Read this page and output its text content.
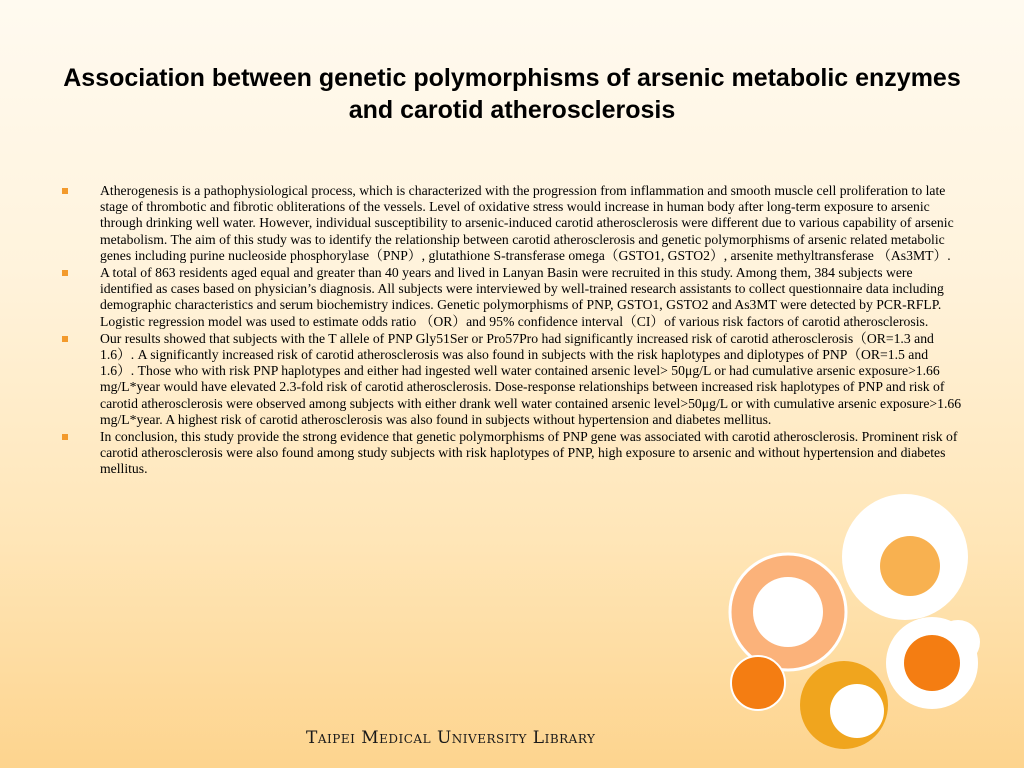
Association between genetic polymorphisms of arsenic metabolic enzymes and carotid atherosclerosis
Atherogenesis is a pathophysiological process, which is characterized with the progression from inflammation and smooth muscle cell proliferation to late stage of thrombotic and fibrotic obliterations of the vessels. Level of oxidative stress would increase in human body after long-term exposure to arsenic through drinking well water. However, individual susceptibility to arsenic-induced carotid atherosclerosis were different due to various capability of arsenic metabolism. The aim of this study was to identify the relationship between carotid atherosclerosis and genetic polymorphisms of arsenic related metabolic genes including purine nucleoside phosphorylase（PNP）, glutathione S-transferase omega（GSTO1, GSTO2）, arsenite methyltransferase （As3MT）.
A total of 863 residents aged equal and greater than 40 years and lived in Lanyan Basin were recruited in this study. Among them, 384 subjects were identified as cases based on physician’s diagnosis. All subjects were interviewed by well-trained research assistants to collect questionnaire data including demographic characteristics and serum biochemistry indices. Genetic polymorphisms of PNP, GSTO1, GSTO2 and As3MT were detected by PCR-RFLP. Logistic regression model was used to estimate odds ratio （OR）and 95% confidence interval（CI）of various risk factors of carotid atherosclerosis.
Our results showed that subjects with the T allele of PNP Gly51Ser or Pro57Pro had significantly increased risk of carotid atherosclerosis（OR=1.3 and 1.6）. A significantly increased risk of carotid atherosclerosis was also found in subjects with the risk haplotypes and diplotypes of PNP（OR=1.5 and 1.6）. Those who with risk PNP haplotypes and either had ingested well water contained arsenic level> 50μg/L or had cumulative arsenic exposure>1.66 mg/L*year would have elevated 2.3-fold risk of carotid atherosclerosis. Dose-response relationships between increased risk haplotypes of PNP and risk of carotid atherosclerosis were observed among subjects with either drank well water contained arsenic level>50μg/L or with cumulative arsenic exposure>1.66 mg/L*year. A highest risk of carotid atherosclerosis was also found in subjects without hypertension and diabetes mellitus.
In conclusion, this study provide the strong evidence that genetic polymorphisms of PNP gene was associated with carotid atherosclerosis. Prominent risk of carotid atherosclerosis were also found among study subjects with risk haplotypes of PNP, high exposure to arsenic and without hypertension and diabetes mellitus.
Taipei Medical University Library
